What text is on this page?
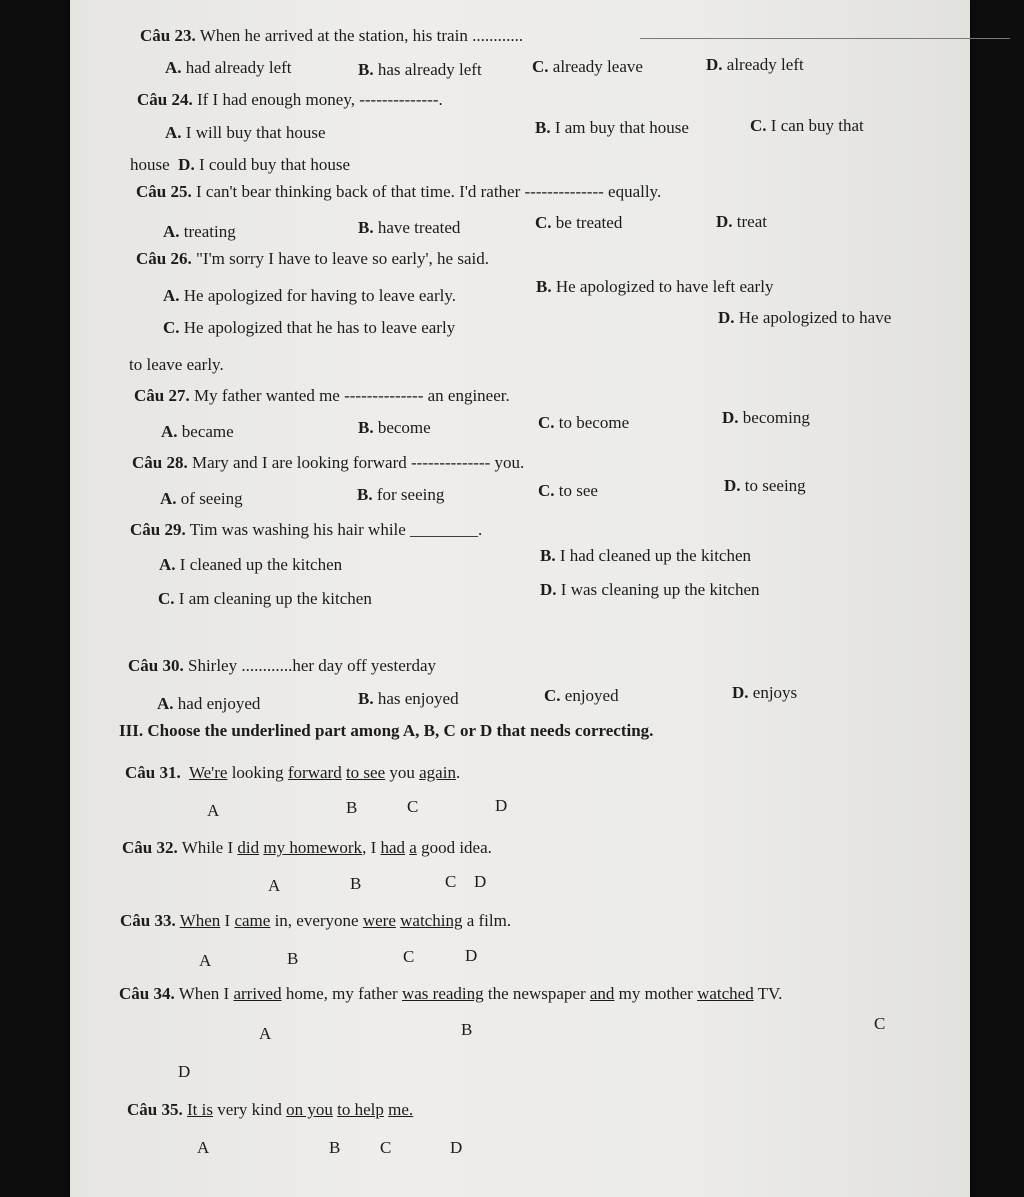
Câu 23. When he arrived at the station, his train ............
A. had already left	B. has already left	C. already leave	D. already left
Câu 24. If I had enough money, --------------.
A. I will buy that house	B. I am buy that house	C. I can buy that
house D. I could buy that house
Câu 25. I can't bear thinking back of that time. I'd rather -------------- equally.
A. treating	B. have treated	C. be treated	D. treat
Câu 26. "I'm sorry I have to leave so early', he said.
A. He apologized for having to leave early.	B. He apologized to have left early
C. He apologized that he has to leave early
D. He apologized to have
to leave early.
Câu 27. My father wanted me -------------- an engineer.
A. became	B. become	C. to become	D. becoming
Câu 28. Mary and I are looking forward -------------- you.
A. of seeing	B. for seeing	C. to see	D. to seeing
Câu 29. Tim was washing his hair while ________.
A. I cleaned up the kitchen	B. I had cleaned up the kitchen
C. I am cleaning up the kitchen	D. I was cleaning up the kitchen
Câu 30. Shirley ............her day off yesterday
A. had enjoyed	B. has enjoyed	C. enjoyed	D. enjoys
III. Choose the underlined part among A, B, C or D that needs correcting.
Câu 31. We're looking forward to see you again.
A	B	C	D
Câu 32. While I did my homework, I had a good idea.
A	B	C D
Câu 33. When I came in, everyone were watching a film.
A	B	C	D
Câu 34. When I arrived home, my father was reading the newspaper and my mother watched TV.
A	B	C
D
Câu 35. It is very kind on you to help me.
A	B C	D
